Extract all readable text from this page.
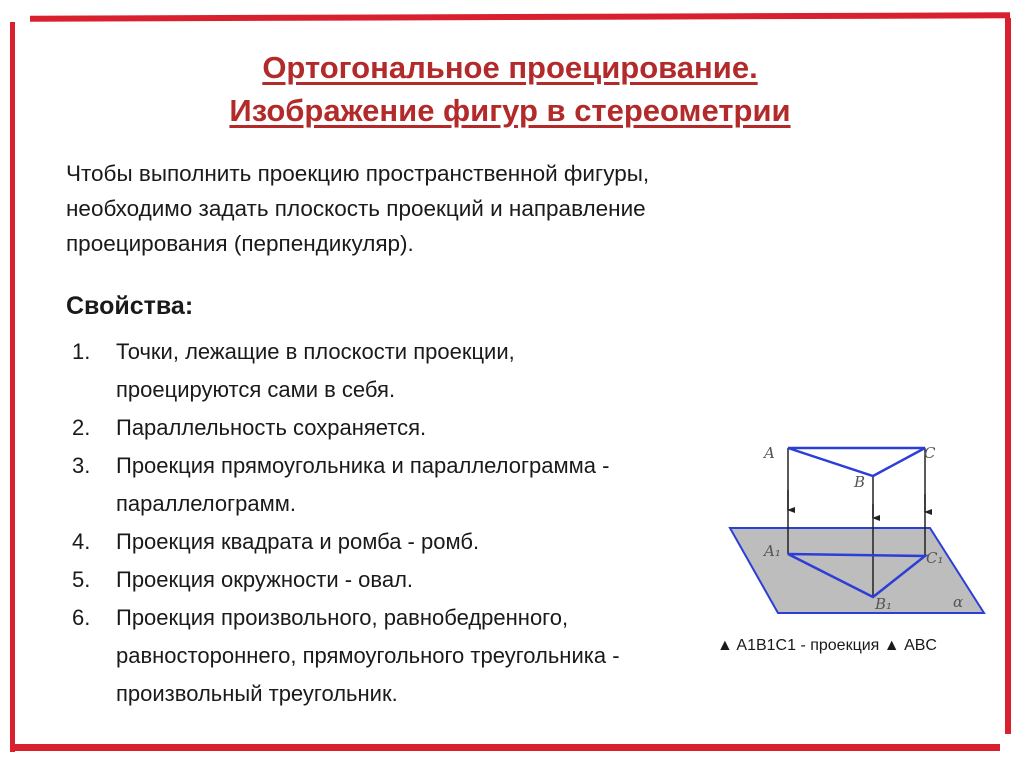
Ортогональное проецирование.
Изображение фигур в стереометрии
Чтобы выполнить проекцию пространственной фигуры,
необходимо задать плоскость проекций и направление
проецирования (перпендикуляр).
Свойства:
1. Точки, лежащие в плоскости проекции, проецируются сами в себя.
2. Параллельность сохраняется.
3. Проекция прямоугольника и параллелограмма - параллелограмм.
4. Проекция квадрата и ромба - ромб.
5. Проекция окружности - овал.
6. Проекция произвольного, равнобедренного, равностороннего, прямоугольного треугольника - произвольный треугольник.
A
B
C
A₁
B₁
C₁
α
▲ A1B1C1 - проекция ▲ ABC
